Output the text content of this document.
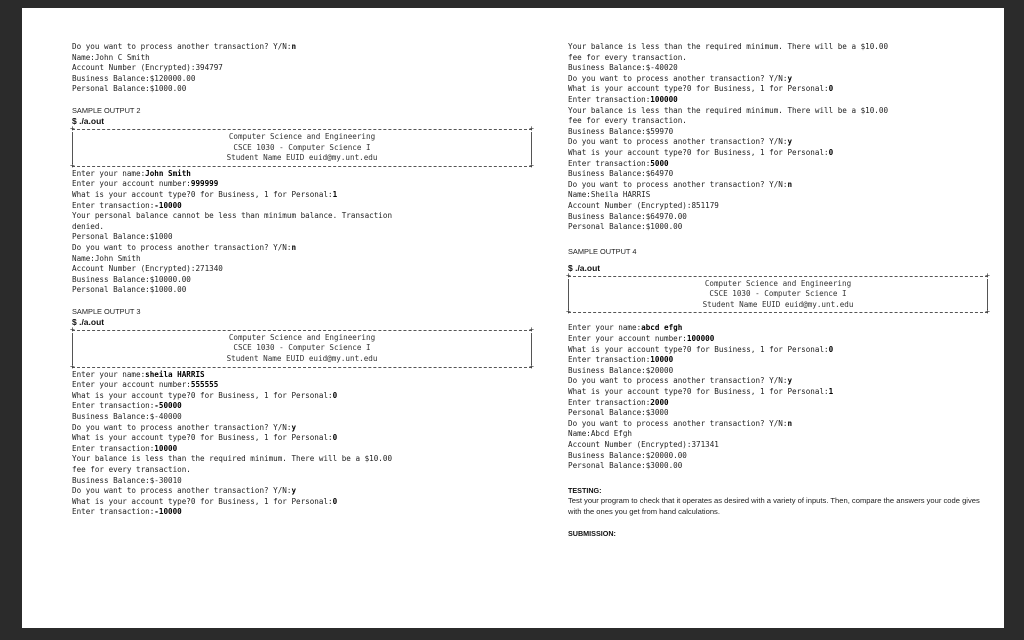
Do you want to process another transaction? Y/N:n
Name:John C Smith
Account Number (Encrypted):394797
Business Balance:$120000.00
Personal Balance:$1000.00
SAMPLE OUTPUT 2
$ ./a.out
+	+
Computer Science and Engineering
CSCE 1030 - Computer Science I
Student Name EUID euid@my.unt.edu
+	+
Enter your name:John Smith
Enter your account number:999999
What is your account type?0 for Business, 1 for Personal:1
Enter transaction:-10000
Your personal balance cannot be less than minimum balance. Transaction
denied.
Personal Balance:$1000
Do you want to process another transaction? Y/N:n
Name:John Smith
Account Number (Encrypted):271340
Business Balance:$10000.00
Personal Balance:$1000.00
SAMPLE OUTPUT 3
$ ./a.out
+	+
Computer Science and Engineering
CSCE 1030 - Computer Science I
Student Name EUID euid@my.unt.edu
+	+
Enter your name:sheila HARRIS
Enter your account number:555555
What is your account type?0 for Business, 1 for Personal:0
Enter transaction:-50000
Business Balance:$-40000
Do you want to process another transaction? Y/N:y
What is your account type?0 for Business, 1 for Personal:0
Enter transaction:10000
Your balance is less than the required minimum. There will be a $10.00
fee for every transaction.
Business Balance:$-30010
Do you want to process another transaction? Y/N:y
What is your account type?0 for Business, 1 for Personal:0
Enter transaction:-10000
Your balance is less than the required minimum. There will be a $10.00
fee for every transaction.
Business Balance:$-40020
Do you want to process another transaction? Y/N:y
What is your account type?0 for Business, 1 for Personal:0
Enter transaction:100000
Your balance is less than the required minimum. There will be a $10.00
fee for every transaction.
Business Balance:$59970
Do you want to process another transaction? Y/N:y
What is your account type?0 for Business, 1 for Personal:0
Enter transaction:5000
Business Balance:$64970
Do you want to process another transaction? Y/N:n
Name:Sheila HARRIS
Account Number (Encrypted):851179
Business Balance:$64970.00
Personal Balance:$1000.00
SAMPLE OUTPUT 4
$ ./a.out
+	+
Computer Science and Engineering
CSCE 1030 - Computer Science I
Student Name EUID euid@my.unt.edu
+	+
Enter your name:abcd efgh
Enter your account number:100000
What is your account type?0 for Business, 1 for Personal:0
Enter transaction:10000
Business Balance:$20000
Do you want to process another transaction? Y/N:y
What is your account type?0 for Business, 1 for Personal:1
Enter transaction:2000
Personal Balance:$3000
Do you want to process another transaction? Y/N:n
Name:Abcd Efgh
Account Number (Encrypted):371341
Business Balance:$20000.00
Personal Balance:$3000.00
TESTING:
Test your program to check that it operates as desired with a variety of inputs. Then, compare the answers your code gives with the ones you get from hand calculations.
SUBMISSION:
